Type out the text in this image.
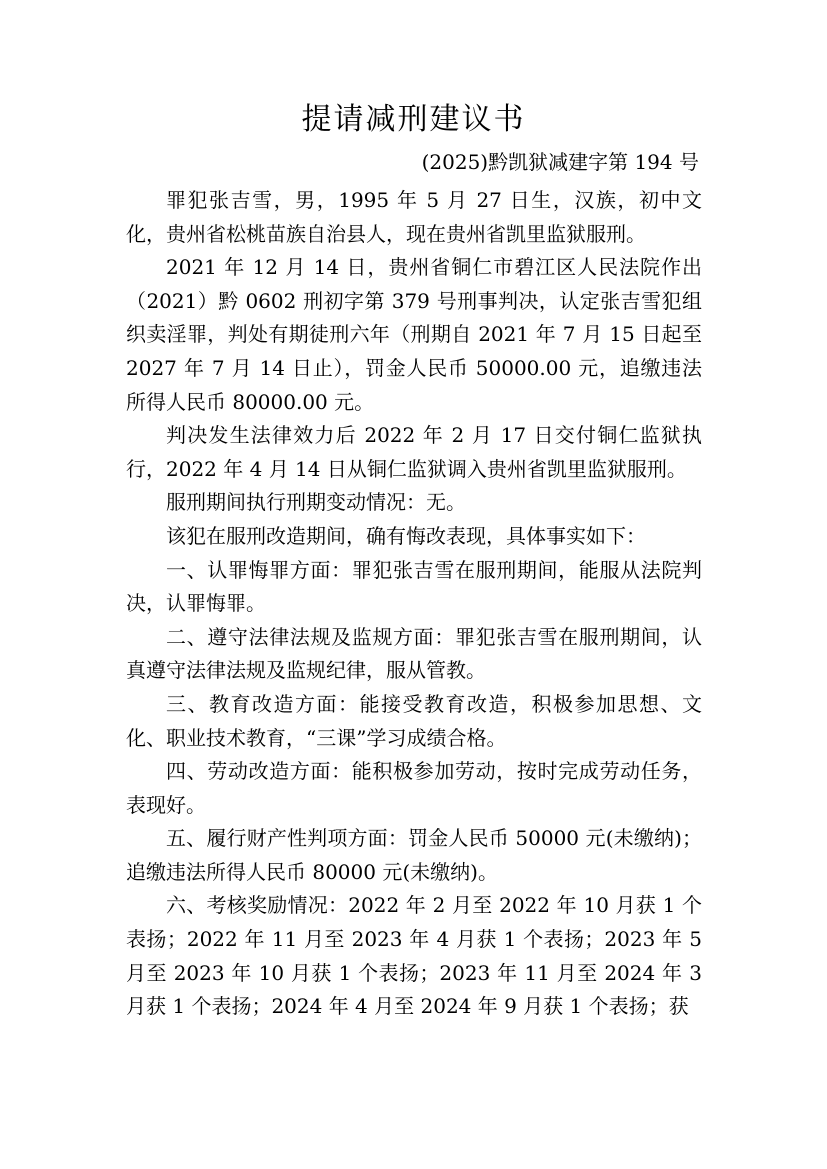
提请减刑建议书
(2025)黔凯狱减建字第 194 号

罪犯张吉雪，男，1995 年 5 月 27 日生，汉族，初中文化，贵州省松桃苗族自治县人，现在贵州省凯里监狱服刑。

2021 年 12 月 14 日，贵州省铜仁市碧江区人民法院作出（2021）黔 0602 刑初字第 379 号刑事判决，认定张吉雪犯组织卖淫罪，判处有期徒刑六年（刑期自 2021 年 7 月 15 日起至 2027 年 7 月 14 日止），罚金人民币 50000.00 元，追缴违法所得人民币 80000.00 元。

判决发生法律效力后 2022 年 2 月 17 日交付铜仁监狱执行，2022 年 4 月 14 日从铜仁监狱调入贵州省凯里监狱服刑。

服刑期间执行刑期变动情况：无。

该犯在服刑改造期间，确有悔改表现，具体事实如下：

一、认罪悔罪方面：罪犯张吉雪在服刑期间，能服从法院判决，认罪悔罪。

二、遵守法律法规及监规方面：罪犯张吉雪在服刑期间，认真遵守法律法规及监规纪律，服从管教。

三、教育改造方面：能接受教育改造，积极参加思想、文化、职业技术教育，“三课”学习成绩合格。

四、劳动改造方面：能积极参加劳动，按时完成劳动任务，表现好。

五、履行财产性判项方面：罚金人民币 50000 元(未缴纳)；追缴违法所得人民币 80000 元(未缴纳)。

六、考核奖励情况：2022 年 2 月至 2022 年 10 月获 1 个表扬；2022 年 11 月至 2023 年 4 月获 1 个表扬；2023 年 5 月至 2023 年 10 月获 1 个表扬；2023 年 11 月至 2024 年 3 月获 1 个表扬；2024 年 4 月至 2024 年 9 月获 1 个表扬；获
